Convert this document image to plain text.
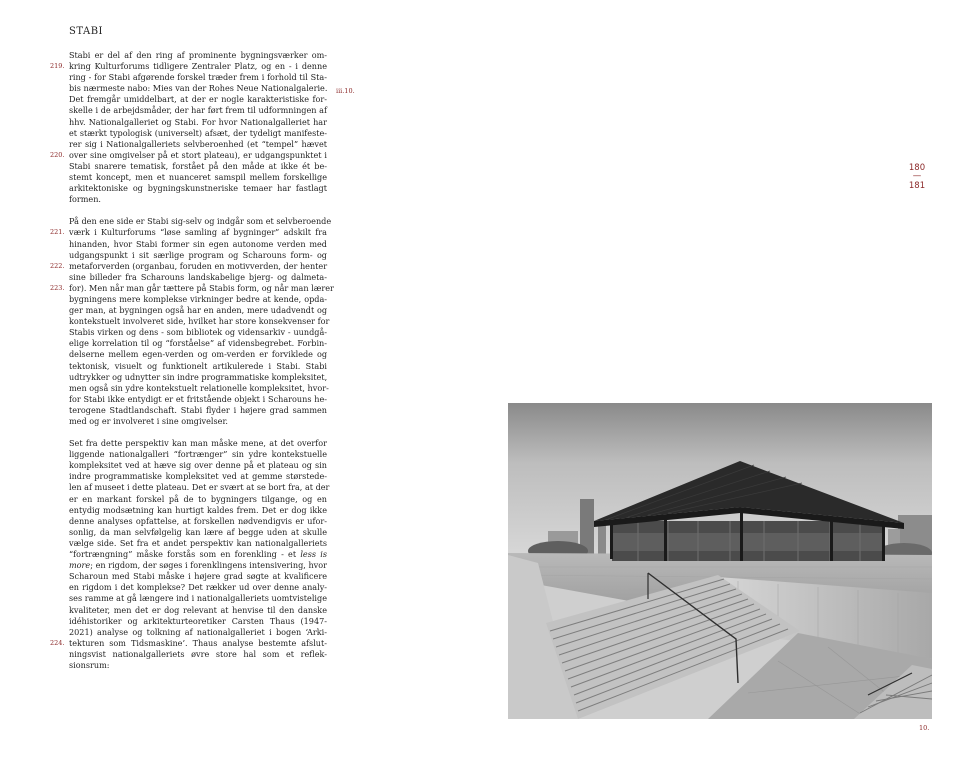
STABI
Stabi er del af den ring af prominente bygningsværker om-
kring Kulturforums tidligere Zentraler Platz, og en - i denne
219.
ring - for Stabi afgørende forskel træder frem i forhold til Sta-
bis nærmeste nabo: Mies van der Rohes Neue Nationalgalerie.
Det fremgår umiddelbart, at der er nogle karakteristiske for-
skelle i de arbejdsmåder, der har ført frem til udformningen af
hhv. Nationalgalleriet og Stabi. For hvor Nationalgalleriet har
et stærkt typologisk (universelt) afsæt, der tydeligt manifeste-
rer sig i Nationalgalleriets selvberoenhed (et “tempel” hævet
over sine omgivelser på et stort plateau), er udgangspunktet i
220.
Stabi snarere tematisk, forstået på den måde at ikke ét be-
stemt koncept, men et nuanceret samspil mellem forskellige
arkitektoniske og bygningskunstneriske temaer har fastlagt
formen.
På den ene side er Stabi sig-selv og indgår som et selvberoende
værk i Kulturforums “løse samling af bygninger” adskilt fra
221.
hinanden, hvor Stabi former sin egen autonome verden med
udgangspunkt i sit særlige program og Scharouns form- og
metaforverden (organbau, foruden en motivverden, der henter
222.
sine billeder fra Scharouns landskabelige bjerg- og dalmeta-
for). Men når man går tættere på Stabis form, og når man lærer
223.
bygningens mere komplekse virkninger bedre at kende, opda-
ger man, at bygningen også har en anden, mere udadvendt og
kontekstuelt involveret side, hvilket har store konsekvenser for
Stabis virken og dens - som bibliotek og vidensarkiv - uundgå-
elige korrelation til og “forståelse” af vidensbegrebet. Forbin-
delserne mellem egen-verden og om-verden er forviklede og
tektonisk, visuelt og funktionelt artikulerede i Stabi. Stabi
udtrykker og udnytter sin indre programmatiske kompleksitet,
men også sin ydre kontekstuelt relationelle kompleksitet, hvor-
for Stabi ikke entydigt er et fritstående objekt i Scharouns he-
terogene Stadtlandschaft. Stabi flyder i højere grad sammen
med og er involveret i sine omgivelser.
Set fra dette perspektiv kan man måske mene, at det overfor
liggende nationalgalleri “fortrænger” sin ydre kontekstuelle
kompleksitet ved at hæve sig over denne på et plateau og sin
indre programmatiske kompleksitet ved at gemme størstede-
len af museet i dette plateau. Det er svært at se bort fra, at der
er en markant forskel på de to bygningers tilgange, og en
entydig modsætning kan hurtigt kaldes frem. Det er dog ikke
denne analyses opfattelse, at forskellen nødvendigvis er ufor-
sonlig, da man selvfølgelig kan lære af begge uden at skulle
vælge side. Set fra et andet perspektiv kan nationalgalleriets
“fortrængning” måske forstås som en forenkling - et less is
more; en rigdom, der søges i forenklingens intensivering, hvor
Scharoun med Stabi måske i højere grad søgte at kvalificere
en rigdom i det komplekse? Det rækker ud over denne analy-
ses ramme at gå længere ind i nationalgalleriets uomtvistelige
kvaliteter, men det er dog relevant at henvise til den danske
idéhistoriker og arkitekturteoretiker Carsten Thaus (1947-
2021) analyse og tolkning af nationalgalleriet i bogen ‘Arki-
tekturen som Tidsmaskine’. Thaus analyse bestemte afslut-
224.
ningsvist nationalgalleriets øvre store hal som et reflek-
sionsrum:
iii.10.
180
—
181
10.
